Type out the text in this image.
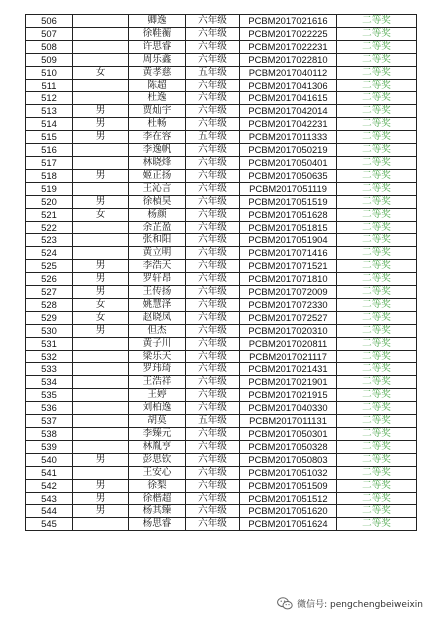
506		卿逸	六年级	PCBM2017021616	二等奖
507		徐鞋蘅	六年级	PCBM2017022225	二等奖
508		许思睿	六年级	PCBM2017022231	二等奖
509		周乐鑫	六年级	PCBM2017022810	二等奖
510	女	黄孝慈	五年级	PCBM2017040112	二等奖
511		陈超	六年级	PCBM2017041306	二等奖
512		杜逸	六年级	PCBM2017041615	二等奖
513	男	贾灿宇	六年级	PCBM2017042014	二等奖
514	男	杜畅	六年级	PCBM2017042231	二等奖
515	男	李在容	五年级	PCBM2017011333	二等奖
516		李逸帆	六年级	PCBM2017050219	二等奖
517		林晓烽	六年级	PCBM2017050401	二等奖
518	男	姬正扬	六年级	PCBM2017050635	二等奖
519		王沁言	六年级	PCBM2017051119	二等奖
520	男	徐楨昊	六年级	PCBM2017051519	二等奖
521	女	杨颜	六年级	PCBM2017051628	二等奖
522		余芷盈	六年级	PCBM2017051815	二等奖
523		张和阳	六年级	PCBM2017051904	二等奖
524		黄立明	六年级	PCBM2017071416	二等奖
525	男	李浩天	六年级	PCBM2017071521	二等奖
526	男	罗轩昂	六年级	PCBM2017071810	二等奖
527	男	王传扬	六年级	PCBM2017072009	二等奖
528	女	姚慧泽	六年级	PCBM2017072330	二等奖
529	女	赵晓凤	六年级	PCBM2017072527	二等奖
530	男	但杰	六年级	PCBM2017020310	二等奖
531		黄子川	六年级	PCBM2017020811	二等奖
532		梁乐天	六年级	PCBM2017021117	二等奖
533		罗玮琦	六年级	PCBM2017021431	二等奖
534		王浩祥	六年级	PCBM2017021901	二等奖
535		王婷	六年级	PCBM2017021915	二等奖
536		刘柏逸	六年级	PCBM2017040330	二等奖
537		胡莫	五年级	PCBM2017011131	二等奖
538		李臻元	六年级	PCBM2017050301	二等奖
539		林胤亨	六年级	PCBM2017050328	二等奖
540	男	彭思钦	六年级	PCBM2017050803	二等奖
541		王安心	六年级	PCBM2017051032	二等奖
542	男	徐梨	六年级	PCBM2017051509	二等奖
543	男	徐楷超	六年级	PCBM2017051512	二等奖
544	男	杨其臻	六年级	PCBM2017051620	二等奖
545		杨思睿	六年级	PCBM2017051624	二等奖
微信号: pengchengbeiweixin
